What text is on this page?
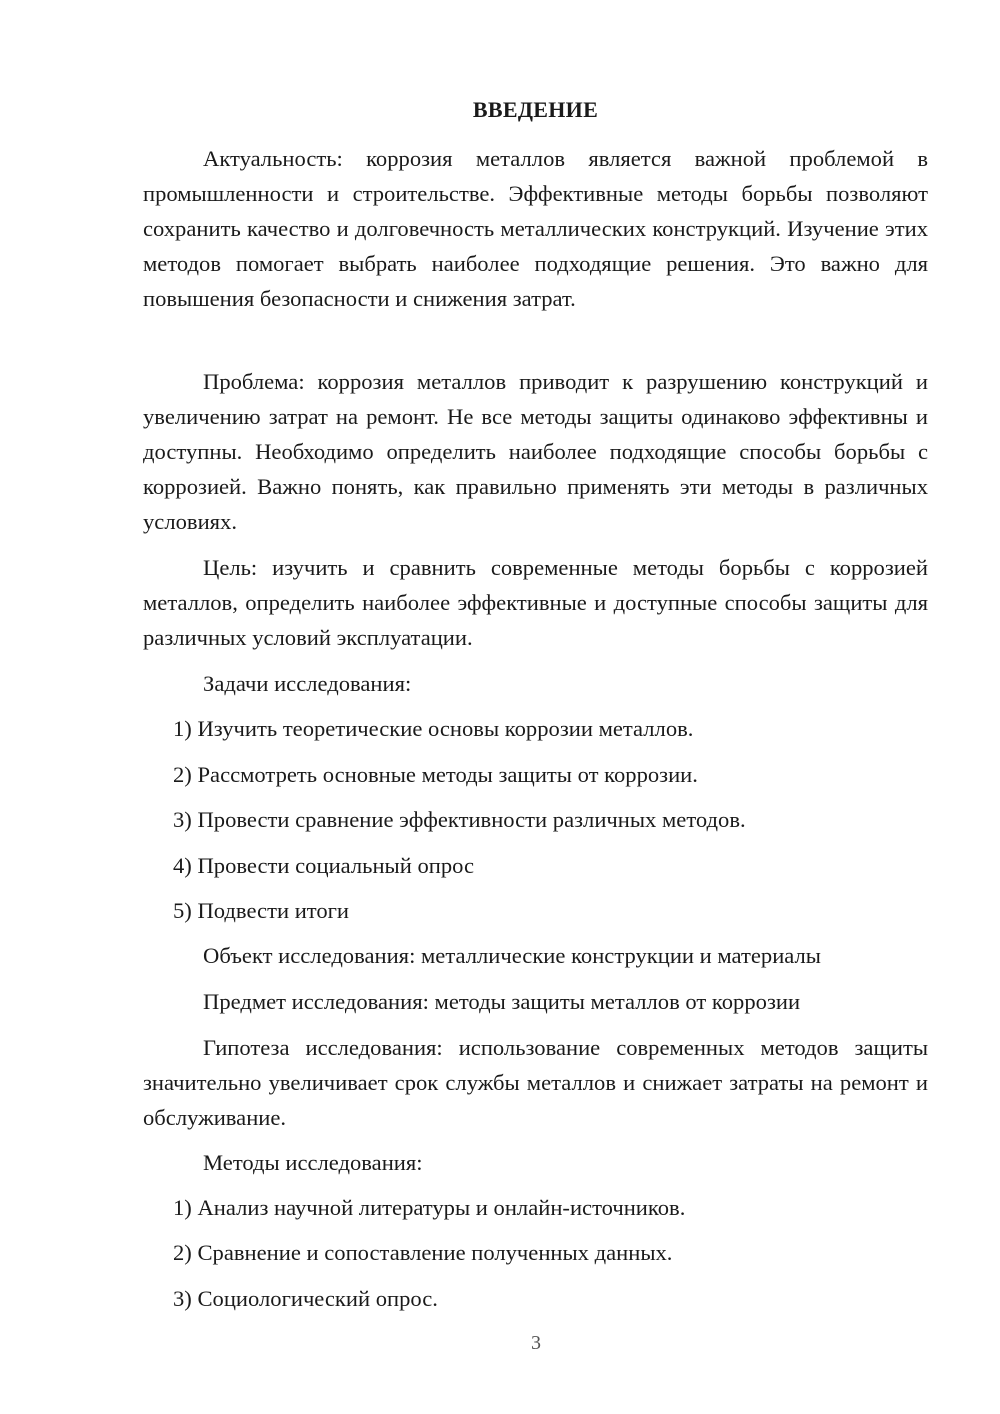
ВВЕДЕНИЕ

Актуальность: коррозия металлов является важной проблемой в промышленности и строительстве. Эффективные методы борьбы позволяют сохранить качество и долговечность металлических конструкций. Изучение этих методов помогает выбрать наиболее подходящие решения. Это важно для повышения безопасности и снижения затрат.

Проблема: коррозия металлов приводит к разрушению конструкций и увеличению затрат на ремонт. Не все методы защиты одинаково эффективны и доступны. Необходимо определить наиболее подходящие способы борьбы с коррозией. Важно понять, как правильно применять эти методы в различных условиях.

Цель: изучить и сравнить современные методы борьбы с коррозией металлов, определить наиболее эффективные и доступные способы защиты для различных условий эксплуатации.

Задачи исследования:
1) Изучить теоретические основы коррозии металлов.
2) Рассмотреть основные методы защиты от коррозии.
3) Провести сравнение эффективности различных методов.
4) Провести социальный опрос
5) Подвести итоги
Объект исследования: металлические конструкции и материалы
Предмет исследования: методы защиты металлов от коррозии

Гипотеза исследования: использование современных методов защиты значительно увеличивает срок службы металлов и снижает затраты на ремонт и обслуживание.

Методы исследования:
1) Анализ научной литературы и онлайн-источников.
2) Сравнение и сопоставление полученных данных.
3) Социологический опрос.
3
